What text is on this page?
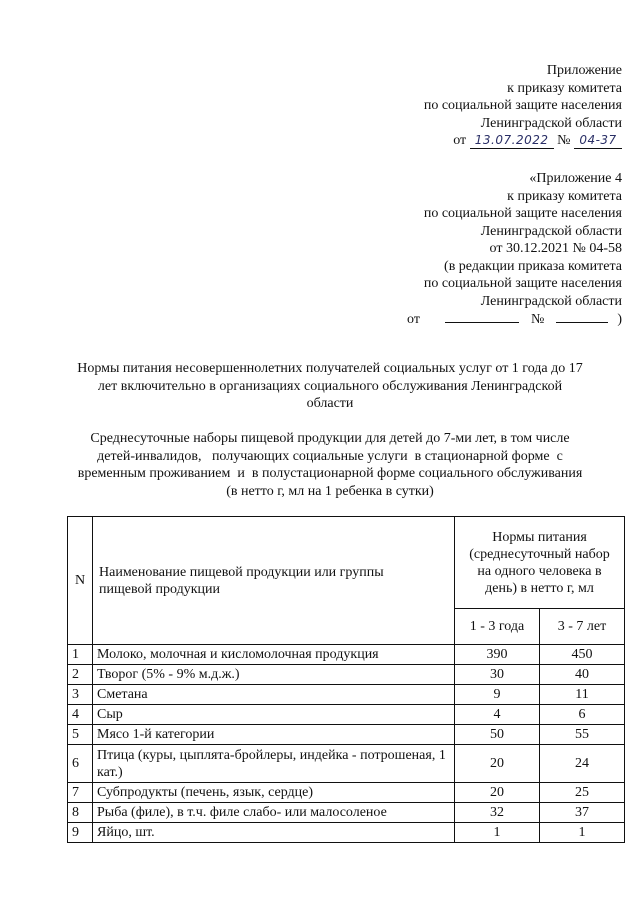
Приложение
к приказу комитета
по социальной защите населения
Ленинградской области
от 13.07.2022 № 04-37
«Приложение 4
к приказу комитета
по социальной защите населения
Ленинградской области
от 30.12.2021 № 04-58
(в редакции приказа комитета
по социальной защите населения
Ленинградской области
от	№	)
Нормы питания несовершеннолетних получателей социальных услуг от 1 года до 17
лет включительно в организациях социального обслуживания Ленинградской
области
Среднесуточные наборы пищевой продукции для детей до 7-ми лет, в том числе
детей-инвалидов,   получающих социальные услуги  в стационарной форме  с
временным проживанием  и  в полустационарной форме социального обслуживания
(в нетто г, мл на 1 ребенка в сутки)
N	Наименование пищевой продукции или группы пищевой продукции	Нормы питания (среднесуточный набор на одного человека в день) в нетто г, мл	
		1 - 3 года	3 - 7 лет
1	Молоко, молочная и кисломолочная продукция	390	450
2	Творог (5% - 9% м.д.ж.)	30	40
3	Сметана	9	11
4	Сыр	4	6
5	Мясо 1-й категории	50	55
6	Птица (куры, цыплята-бройлеры, индейка - потрошеная, 1 кат.)	20	24
7	Субпродукты (печень, язык, сердце)	20	25
8	Рыба (филе), в т.ч. филе слабо- или малосоленое	32	37
9	Яйцо, шт.	1	1
